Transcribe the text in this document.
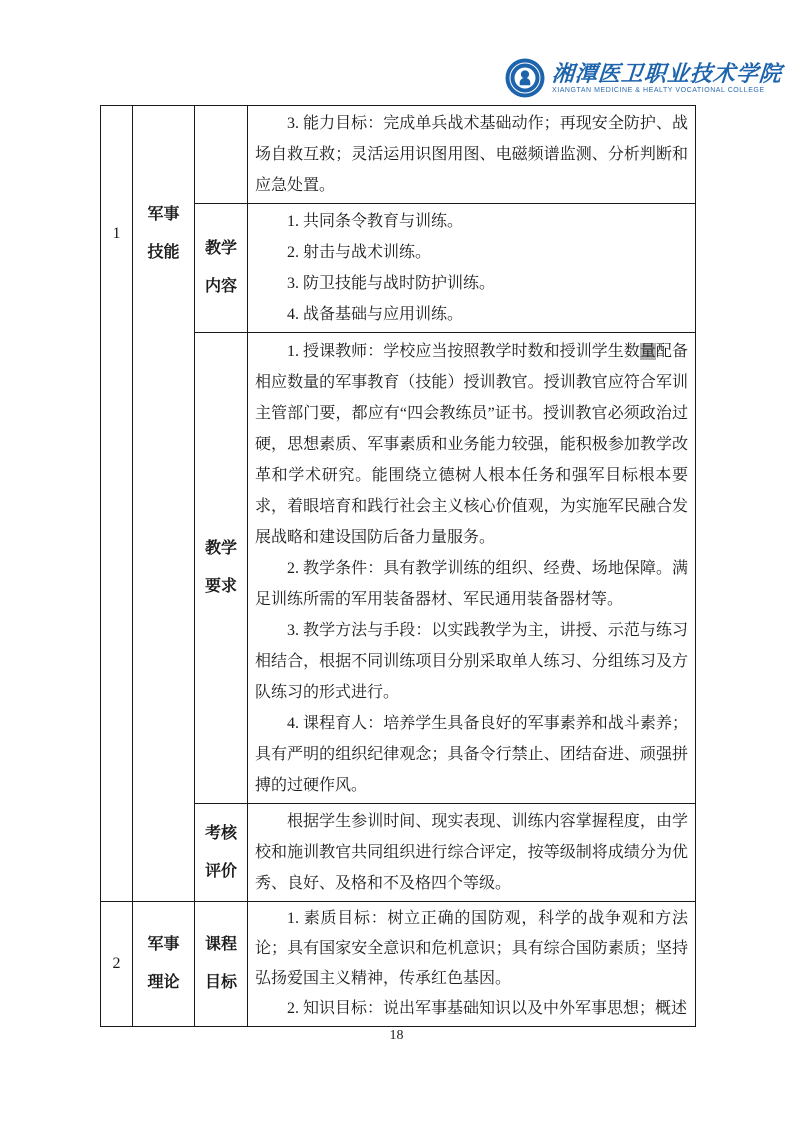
湘潭医卫职业技术学院
XIANGTAN MEDICINE & HEALTY VOCATIONAL COLLEGE
1	军事技能		3. 能力目标：完成单兵战术基础动作；再现安全防护、战场自救互救；灵活运用识图用图、电磁频谱监测、分析判断和应急处置。

		教学内容	1. 共同条令教育与训练。
2. 射击与战术训练。
3. 防卫技能与战时防护训练。
4. 战备基础与应用训练。

		教学要求	1. 授课教师：学校应当按照教学时数和授训学生数量配备相应数量的军事教育（技能）授训教官。授训教官应符合军训主管部门要，都应有“四会教练员”证书。授训教官必须政治过硬，思想素质、军事素质和业务能力较强，能积极参加教学改革和学术研究。能围绕立德树人根本任务和强军目标根本要求，着眼培育和践行社会主义核心价值观，为实施军民融合发展战略和建设国防后备力量服务。
2. 教学条件：具有教学训练的组织、经费、场地保障。满足训练所需的军用装备器材、军民通用装备器材等。
3. 教学方法与手段：以实践教学为主，讲授、示范与练习相结合，根据不同训练项目分别采取单人练习、分组练习及方队练习的形式进行。
4. 课程育人：培养学生具备良好的军事素养和战斗素养；具有严明的组织纪律观念；具备令行禁止、团结奋进、顽强拼搏的过硬作风。

		考核评价	根据学生参训时间、现实表现、训练内容掌握程度，由学校和施训教官共同组织进行综合评定，按等级制将成绩分为优秀、良好、及格和不及格四个等级。

2	军事理论	课程目标	1. 素质目标：树立正确的国防观，科学的战争观和方法论；具有国家安全意识和危机意识；具有综合国防素质；坚持弘扬爱国主义精神，传承红色基因。
2. 知识目标：说出军事基础知识以及中外军事思想；概述
18
